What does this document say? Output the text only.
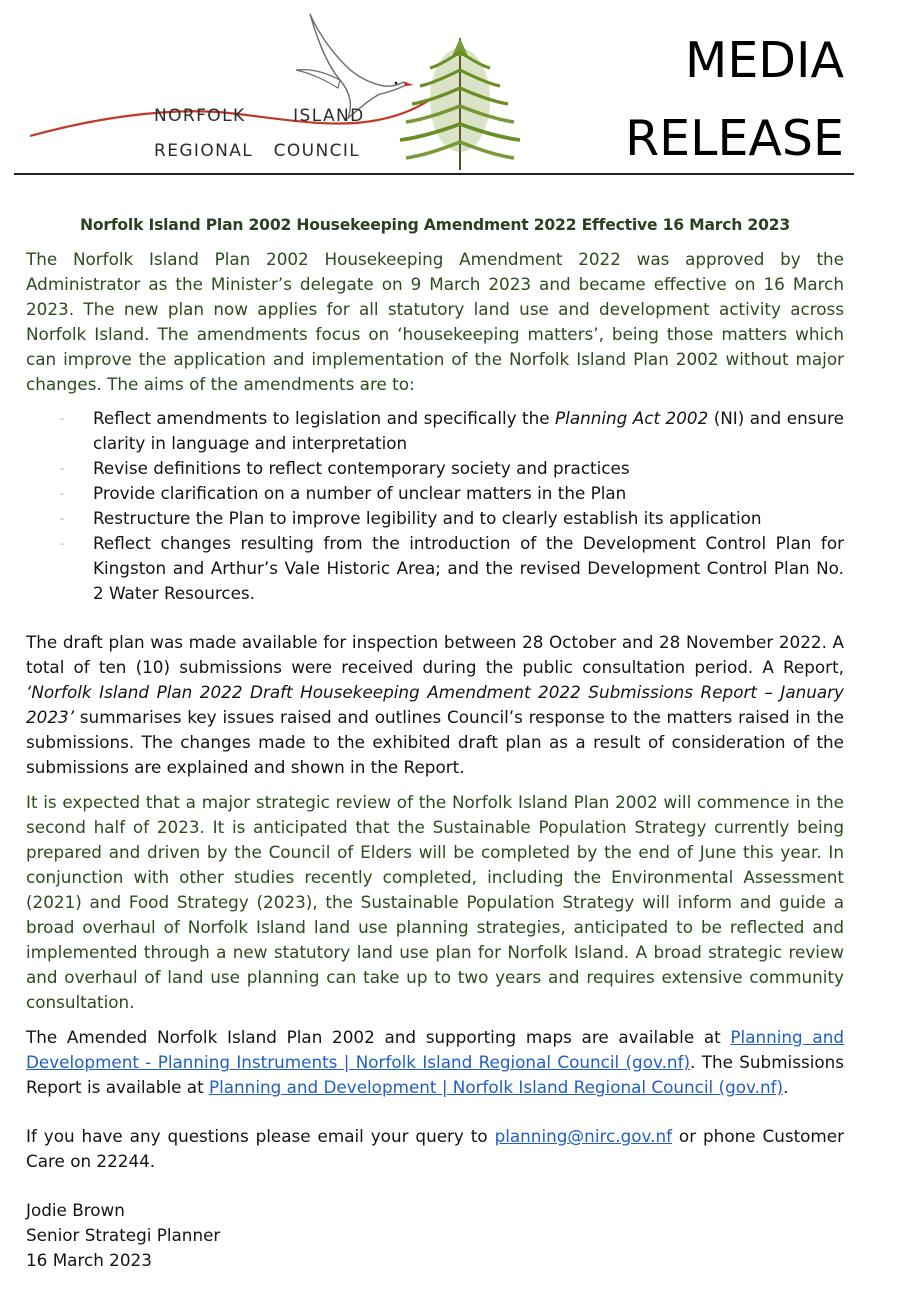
NORFOLK	ISLAND
REGIONAL COUNCIL
MEDIA
RELEASE
Norfolk Island Plan 2002 Housekeeping Amendment 2022 Effective 16 March 2023

The Norfolk Island Plan 2002 Housekeeping Amendment 2022 was approved by the Administrator as the Minister’s delegate on 9 March 2023 and became effective on 16 March 2023. The new plan now applies for all statutory land use and development activity across Norfolk Island. The amendments focus on ‘housekeeping matters’, being those matters which can improve the application and implementation of the Norfolk Island Plan 2002 without major changes. The aims of the amendments are to:

- Reflect amendments to legislation and specifically the Planning Act 2002 (NI) and ensure clarity in language and interpretation
- Revise definitions to reflect contemporary society and practices
- Provide clarification on a number of unclear matters in the Plan
- Restructure the Plan to improve legibility and to clearly establish its application
- Reflect changes resulting from the introduction of the Development Control Plan for Kingston and Arthur’s Vale Historic Area; and the revised Development Control Plan No. 2 Water Resources.

The draft plan was made available for inspection between 28 October and 28 November 2022. A total of ten (10) submissions were received during the public consultation period. A Report, ‘Norfolk Island Plan 2022 Draft Housekeeping Amendment 2022 Submissions Report – January 2023’ summarises key issues raised and outlines Council’s response to the matters raised in the submissions. The changes made to the exhibited draft plan as a result of consideration of the submissions are explained and shown in the Report.

It is expected that a major strategic review of the Norfolk Island Plan 2002 will commence in the second half of 2023. It is anticipated that the Sustainable Population Strategy currently being prepared and driven by the Council of Elders will be completed by the end of June this year. In conjunction with other studies recently completed, including the Environmental Assessment (2021) and Food Strategy (2023), the Sustainable Population Strategy will inform and guide a broad overhaul of Norfolk Island land use planning strategies, anticipated to be reflected and implemented through a new statutory land use plan for Norfolk Island. A broad strategic review and overhaul of land use planning can take up to two years and requires extensive community consultation.

The Amended Norfolk Island Plan 2002 and supporting maps are available at Planning and Development - Planning Instruments | Norfolk Island Regional Council (gov.nf). The Submissions Report is available at Planning and Development | Norfolk Island Regional Council (gov.nf).

If you have any questions please email your query to planning@nirc.gov.nf or phone Customer Care on 22244.

Jodie Brown
Senior Strategi Planner
16 March 2023
